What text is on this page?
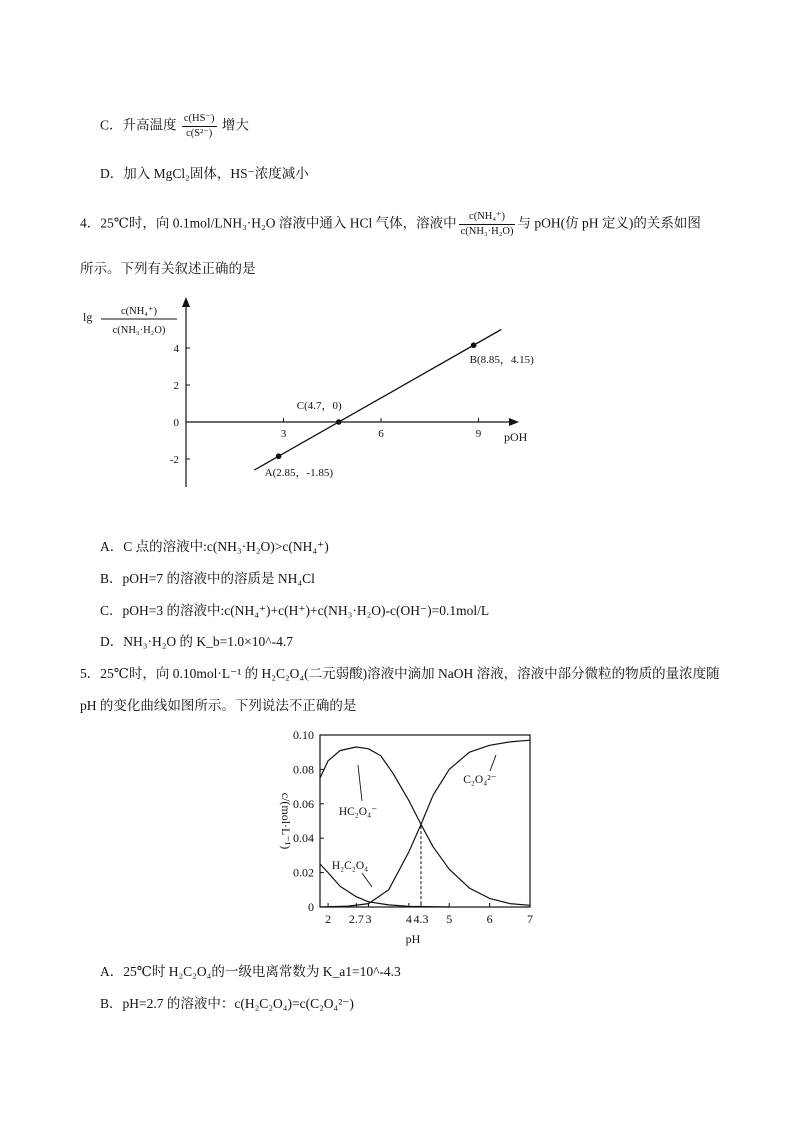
C．升高温度 $\frac{c(HS^-)}{\text{c(S²⁻)}}$ 增大
D．加入 MgCl₂固体，HS⁻浓度减小
4．25℃时，向 0.1mol/LNH₃·H₂O 溶液中通入 HCl 气体，溶液中 $\frac{\text{c(NH₄⁺)}}{\text{c(NH₃·H₂O)}}$ 与 pOH(仿 pH 定义)的关系如图
所示。下列有关叙述正确的是
lg	c(NH₄⁺)
c(NH₃·H₂O)
pOH
3	6	9
4
2
0
-2
A(2.85，-1.85)
C(4.7，0)
B(8.85，4.15)
A．C 点的溶液中:c(NH₃·H₂O)>c(NH₄⁺)
B．pOH=7 的溶液中的溶质是 NH₄Cl
C．pOH=3 的溶液中:c(NH₄⁺)+c(H⁺)+c(NH₃·H₂O)-c(OH⁻)=0.1mol/L
D．NH₃·H₂O 的 K_b=1.0×10^-4.7
5．25℃时，向 0.10mol·L⁻¹ 的 H₂C₂O₄(二元弱酸)溶液中滴加 NaOH 溶液，溶液中部分微粒的物质的量浓度随
pH 的变化曲线如图所示。下列说法不正确的是
c/(mol·L⁻¹)
pH
2 2.7 3	4 4.3 5	6	7
0.10
0.08
0.06
0.04
0.02
0
H₂C₂O₄
HC₂O₄⁻
C₂O₄²⁻
A．25℃时 H₂C₂O₄的一级电离常数为 K_a1=10^-4.3
B．pH=2.7 的溶液中：c(H₂C₂O₄)=c(C₂O₄²⁻)
